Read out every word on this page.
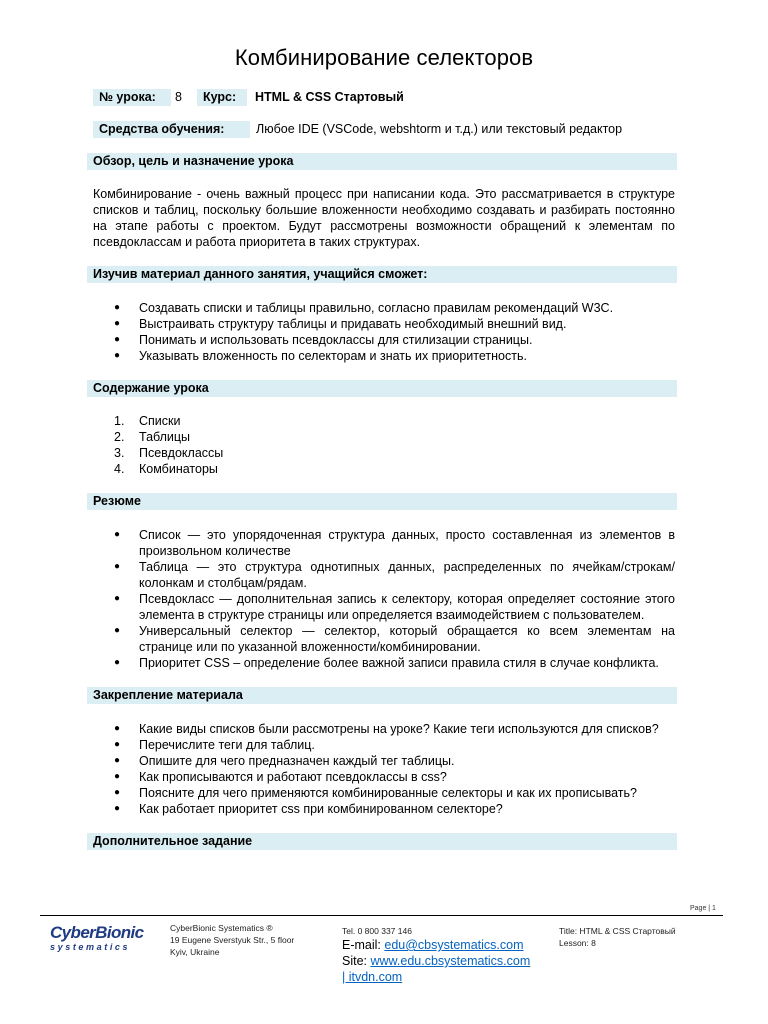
Комбинирование селекторов
№ урока:	8	Курс:	HTML & CSS Стартовый
Средства обучения:	Любое IDE (VSCode, webshtorm и т.д.) или текстовый редактор
Обзор, цель и назначение урока

Комбинирование - очень важный процесс при написании кода. Это рассматривается в структуре списков и таблиц, поскольку большие вложенности необходимо создавать и разбирать постоянно на этапе работы с проектом. Будут рассмотрены возможности обращений к элементам по псевдоклассам и работа приоритета в таких структурах.

Изучив материал данного занятия, учащийся сможет:
● Создавать списки и таблицы правильно, согласно правилам рекомендаций W3C.
● Выстраивать структуру таблицы и придавать необходимый внешний вид.
● Понимать и использовать псевдоклассы для стилизации страницы.
● Указывать вложенность по селекторам и знать их приоритетность.
Содержание урока
1. Списки
2. Таблицы
3. Псевдоклассы
4. Комбинаторы
Резюме
● Список — это упорядоченная структура данных, просто составленная из элементов в произвольном количестве
● Таблица — это структура однотипных данных, распределенных по ячейкам/строкам/колонкам и столбцам/рядам.
● Псевдокласс — дополнительная запись к селектору, которая определяет состояние этого элемента в структуре страницы или определяется взаимодействием с пользователем.
● Универсальный селектор — селектор, который обращается ко всем элементам на странице или по указанной вложенности/комбинировании.
● Приоритет CSS – определение более важной записи правила стиля в случае конфликта.
Закрепление материала
● Какие виды списков были рассмотрены на уроке? Какие теги используются для списков?
● Перечислите теги для таблиц.
● Опишите для чего предназначен каждый тег таблицы.
● Как прописываются и работают псевдоклассы в css?
● Поясните для чего применяются комбинированные селекторы и как их прописывать?
● Как работает приоритет css при комбинированном селекторе?
Дополнительное задание
Page | 1
CyberBionic
systematics
CyberBionic Systematics ®
19 Eugene Sverstyuk Str., 5 floor
Kyiv, Ukraine
Tel. 0 800 337 146
E-mail: edu@cbsystematics.com
Site: www.edu.cbsystematics.com
| itvdn.com
Title: HTML & CSS Стартовый
Lesson: 8
